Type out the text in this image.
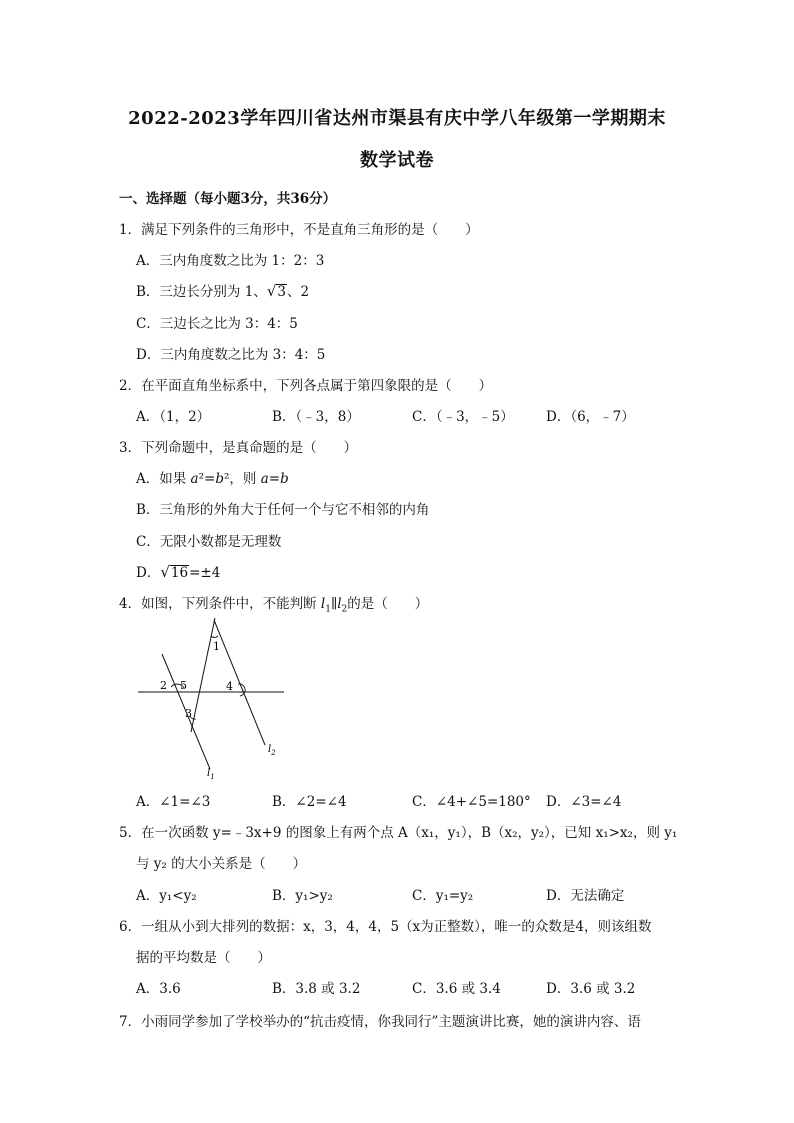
2022-2023学年四川省达州市渠县有庆中学八年级第一学期期末
数学试卷
一、选择题（每小题3分，共36分）
1．满足下列条件的三角形中，不是直角三角形的是（　　）
A．三内角度数之比为 1：2：3
B．三边长分别为 1、√3、2
C．三边长之比为 3：4：5
D．三内角度数之比为 3：4：5
2．在平面直角坐标系中，下列各点属于第四象限的是（　　）
A．（1，2）	B．（﹣3，8）	C．（﹣3，﹣5） D．（6，﹣7）
3．下列命题中，是真命题的是（　　）
A．如果 a²=b²，则 a=b
B．三角形的外角大于任何一个与它不相邻的内角
C．无限小数都是无理数
D．√16=±4
4．如图，下列条件中，不能判断 $l_1\parallel l_2$的是（　　）
1
2 5	4
3
$l_1$
$l_2$
A．∠1=∠3	B．∠2=∠4	C．∠4+∠5=180° D．∠3=∠4
5．在一次函数 y=﹣3x+9 的图象上有两个点 A（x₁，y₁），B（x₂，y₂），已知 x₁>x₂，则 y₁
与 y₂ 的大小关系是（　　）
A．y₁<y₂	B．y₁>y₂	C．y₁=y₂	D．无法确定
6．一组从小到大排列的数据：x，3，4，4，5（x为正整数），唯一的众数是4，则该组数
据的平均数是（　　）
A．3.6	B．3.8 或 3.2	C．3.6 或 3.4	D．3.6 或 3.2
7．小雨同学参加了学校举办的“抗击疫情，你我同行”主题演讲比赛，她的演讲内容、语
